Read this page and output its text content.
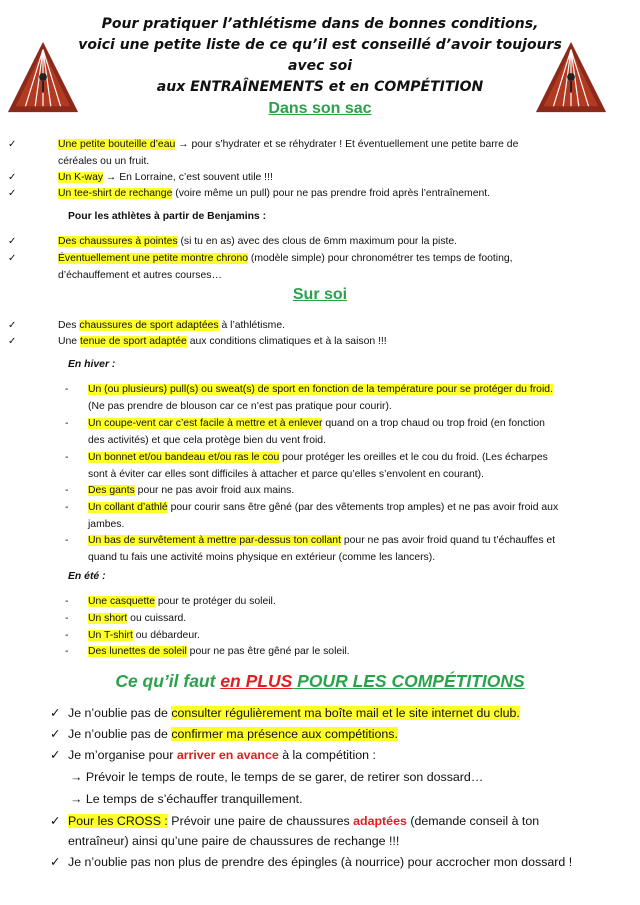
Pour pratiquer l’athlétisme dans de bonnes conditions,
voici une petite liste de ce qu’il est conseillé d’avoir toujours avec soi
aux ENTRAÎNEMENTS et en COMPÉTITION
Dans son sac
✓	Une petite bouteille d’eau → pour s’hydrater et se réhydrater ! Et éventuellement une petite barre de
céréales ou un fruit.
✓	Un K-way → En Lorraine, c’est souvent utile !!!
✓	Un tee-shirt de rechange (voire même un pull) pour ne pas prendre froid après l’entraînement.
Pour les athlètes à partir de Benjamins :
✓	Des chaussures à pointes (si tu en as) avec des clous de 6mm maximum pour la piste.
✓	Éventuellement une petite montre chrono (modèle simple) pour chronométrer tes temps de footing,
d’échauffement et autres courses…
Sur soi
✓	Des chaussures de sport adaptées à l’athlétisme.
✓	Une tenue de sport adaptée aux conditions climatiques et à la saison !!!
En hiver :
- Un (ou plusieurs) pull(s) ou sweat(s) de sport en fonction de la température pour se protéger du froid.
(Ne pas prendre de blouson car ce n’est pas pratique pour courir).
- Un coupe-vent car c’est facile à mettre et à enlever quand on a trop chaud ou trop froid (en fonction
des activités) et que cela protège bien du vent froid.
- Un bonnet et/ou bandeau et/ou ras le cou pour protéger les oreilles et le cou du froid. (Les écharpes
sont à éviter car elles sont difficiles à attacher et parce qu’elles s’envolent en courant).
- Des gants pour ne pas avoir froid aux mains.
- Un collant d’athlé pour courir sans être gêné (par des vêtements trop amples) et ne pas avoir froid aux
jambes.
- Un bas de survêtement à mettre par-dessus ton collant pour ne pas avoir froid quand tu t’échauffes et
quand tu fais une activité moins physique en extérieur (comme les lancers).
En été :
- Une casquette pour te protéger du soleil.
- Un short ou cuissard.
- Un T-shirt ou débardeur.
- Des lunettes de soleil pour ne pas être gêné par le soleil.
Ce qu’il faut en PLUS POUR LES COMPÉTITIONS
✓ Je n’oublie pas de consulter régulièrement ma boîte mail et le site internet du club.
✓ Je n’oublie pas de confirmer ma présence aux compétitions.
✓ Je m’organise pour arriver en avance à la compétition :
→ Prévoir le temps de route, le temps de se garer, de retirer son dossard…
→ Le temps de s’échauffer tranquillement.
✓ Pour les CROSS : Prévoir une paire de chaussures adaptées (demande conseil à ton
entraîneur) ainsi qu’une paire de chaussures de rechange !!!
✓ Je n’oublie pas non plus de prendre des épingles (à nourrice) pour accrocher mon dossard !
